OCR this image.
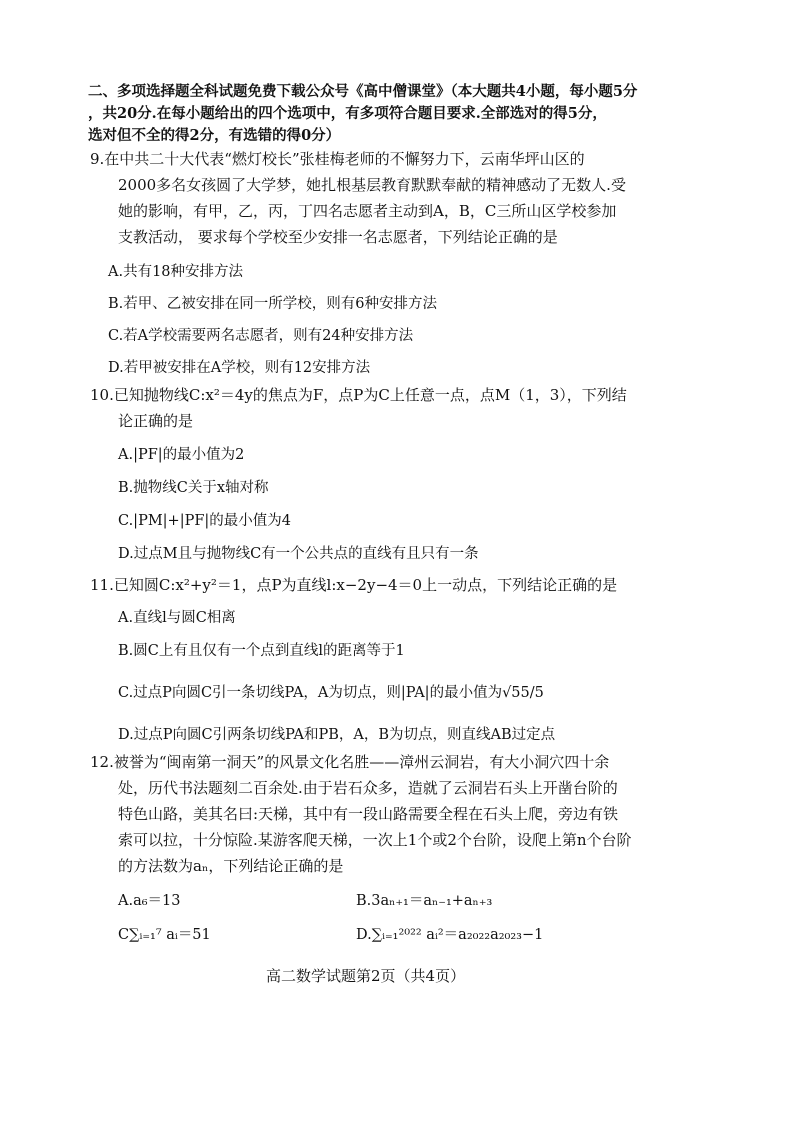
二、多项选择题全科试题免费下载公众号《高中僧课堂》（本大题共4小题，每小题5分
，共20分.在每小题给出的四个选项中，有多项符合题目要求.全部选对的得5分，
选对但不全的得2分，有选错的得0分）
9.在中共二十大代表“燃灯校长”张桂梅老师的不懈努力下，云南华坪山区的
2000多名女孩圆了大学梦，她扎根基层教育默默奉献的精神感动了无数人.受
她的影响，有甲，乙，丙，丁四名志愿者主动到A，B，C三所山区学校参加
支教活动， 要求每个学校至少安排一名志愿者，下列结论正确的是
A.共有18种安排方法
B.若甲、乙被安排在同一所学校，则有6种安排方法
C.若A学校需要两名志愿者，则有24种安排方法
D.若甲被安排在A学校，则有12安排方法
10.已知抛物线C:x²＝4y的焦点为F，点P为C上任意一点，点M（1，3），下列结
论正确的是
A.|PF|的最小值为2
B.抛物线C关于x轴对称
C.|PM|+|PF|的最小值为4
D.过点M且与抛物线C有一个公共点的直线有且只有一条
11.已知圆C:x²+y²＝1，点P为直线l:x−2y−4＝0上一动点，下列结论正确的是
A.直线l与圆C相离
B.圆C上有且仅有一个点到直线l的距离等于1
C.过点P向圆C引一条切线PA，A为切点，则|PA|的最小值为√55/5
D.过点P向圆C引两条切线PA和PB，A，B为切点，则直线AB过定点
12.被誉为“闽南第一洞天”的风景文化名胜——漳州云洞岩，有大小洞穴四十余
处，历代书法题刻二百余处.由于岩石众多，造就了云洞岩石头上开凿台阶的
特色山路，美其名曰:天梯，其中有一段山路需要全程在石头上爬，旁边有铁
索可以拉，十分惊险.某游客爬天梯，一次上1个或2个台阶，设爬上第n个台阶
的方法数为aₙ，下列结论正确的是
A.a₆＝13	B.3aₙ₊₁＝aₙ₋₁+aₙ₊₃
C∑ᵢ₌₁⁷ aᵢ＝51	D.∑ᵢ₌₁²⁰²² aᵢ²＝a₂₀₂₂a₂₀₂₃−1
高二数学试题第2页（共4页）
